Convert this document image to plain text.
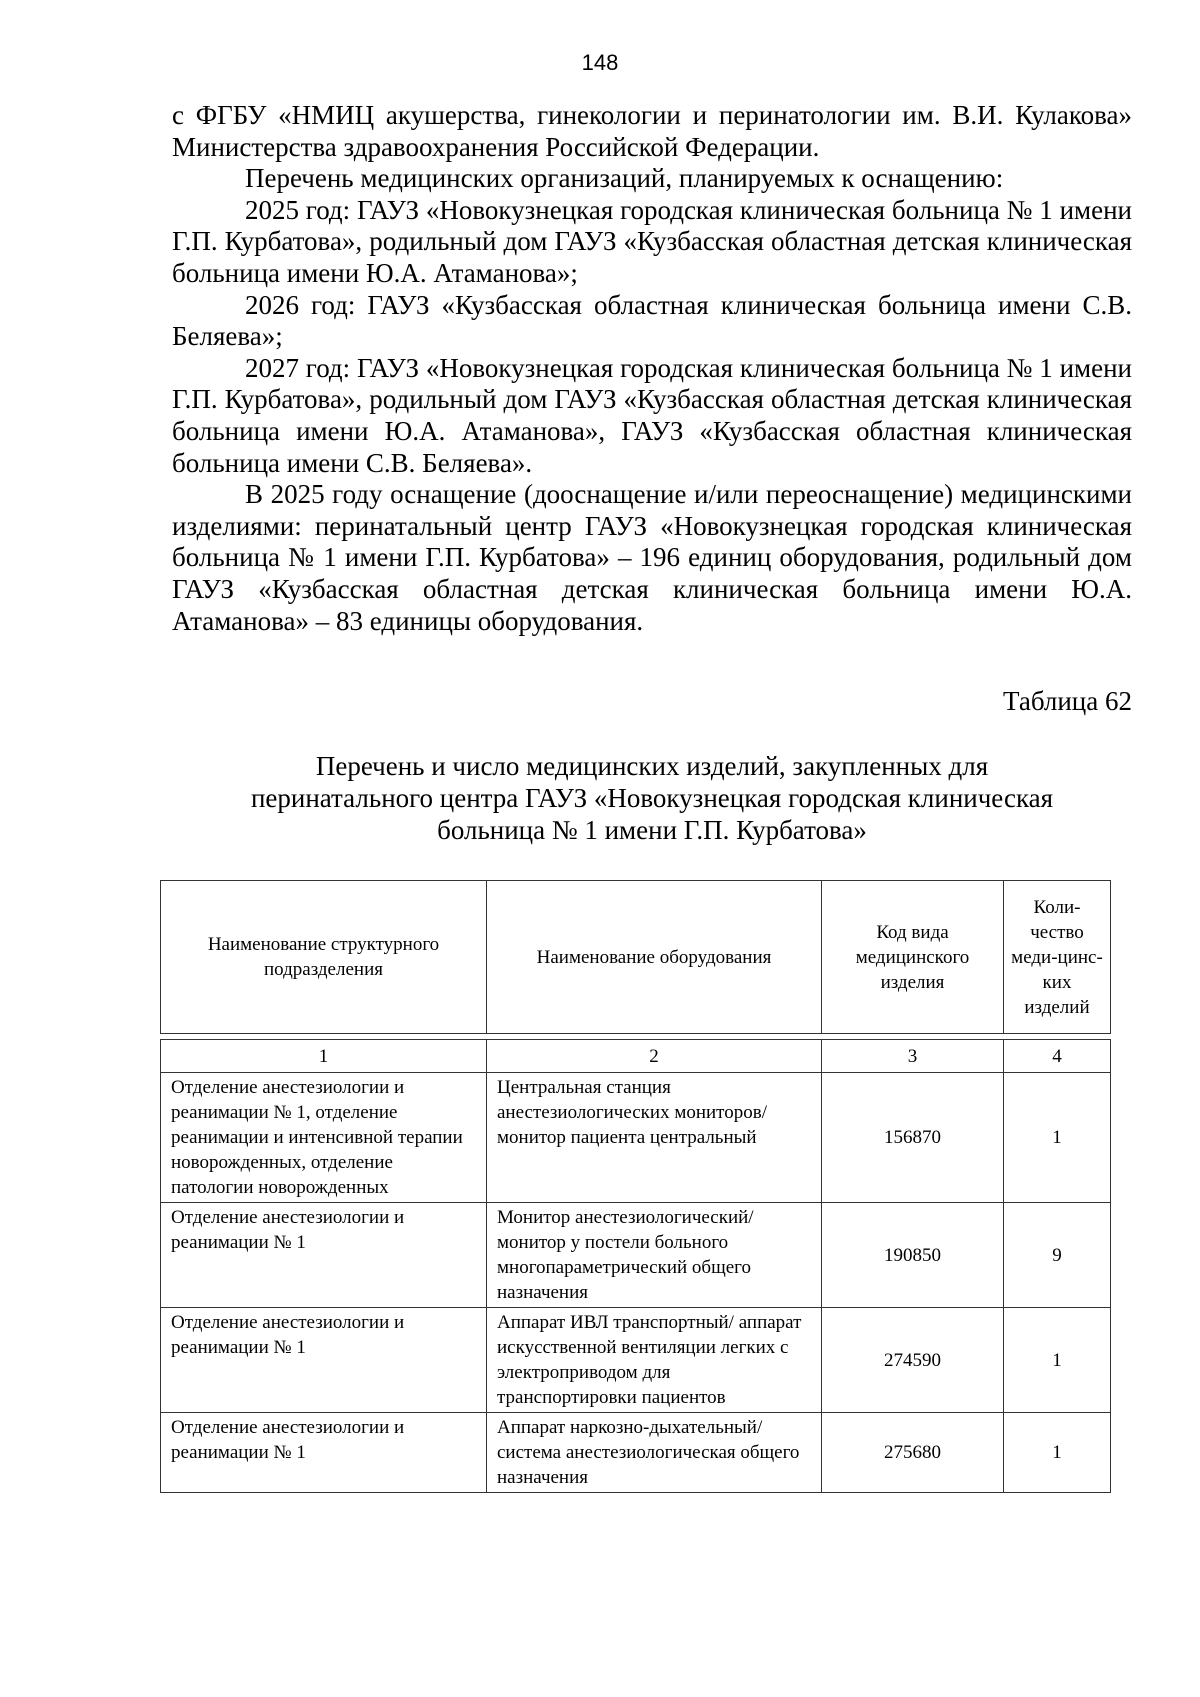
148

с ФГБУ «НМИЦ акушерства, гинекологии и перинатологии им. В.И. Кулакова» Министерства здравоохранения Российской Федерации.

Перечень медицинских организаций, планируемых к оснащению:

2025 год: ГАУЗ «Новокузнецкая городская клиническая больница № 1 имени Г.П. Курбатова», родильный дом ГАУЗ «Кузбасская областная детская клиническая больница имени Ю.А. Атаманова»;

2026 год: ГАУЗ «Кузбасская областная клиническая больница имени С.В. Беляева»;

2027 год: ГАУЗ «Новокузнецкая городская клиническая больница № 1 имени Г.П. Курбатова», родильный дом ГАУЗ «Кузбасская областная детская клиническая больница имени Ю.А. Атаманова», ГАУЗ «Кузбасская областная клиническая больница имени С.В. Беляева».

В 2025 году оснащение (дооснащение и/или переоснащение) медицинскими изделиями: перинатальный центр ГАУЗ «Новокузнецкая городская клиническая больница № 1 имени Г.П. Курбатова» – 196 единиц оборудования, родильный дом ГАУЗ «Кузбасская областная детская клиническая больница имени Ю.А. Атаманова» – 83 единицы оборудования.

Таблица 62
Перечень и число медицинских изделий, закупленных для
перинатального центра ГАУЗ «Новокузнецкая городская клиническая
больница № 1 имени Г.П. Курбатова»
Наименование структурного подразделения	Наименование оборудования	Код вида медицинского изделия	Коли-чество меди-цинс-ких изделий
1	2	3	4
Отделение анестезиологии и реанимации № 1, отделение реанимации и интенсивной терапии новорожденных, отделение патологии новорожденных	Центральная станция анестезиологических мониторов/монитор пациента центральный	156870	1
Отделение анестезиологии и реанимации № 1	Монитор анестезиологический/ монитор у постели больного многопараметрический общего назначения	190850	9
Отделение анестезиологии и реанимации № 1	Аппарат ИВЛ транспортный/ аппарат искусственной вентиляции легких с электроприводом для транспортировки пациентов	274590	1
Отделение анестезиологии и реанимации № 1	Аппарат наркозно-дыхательный/ система анестезиологическая общего назначения	275680	1
